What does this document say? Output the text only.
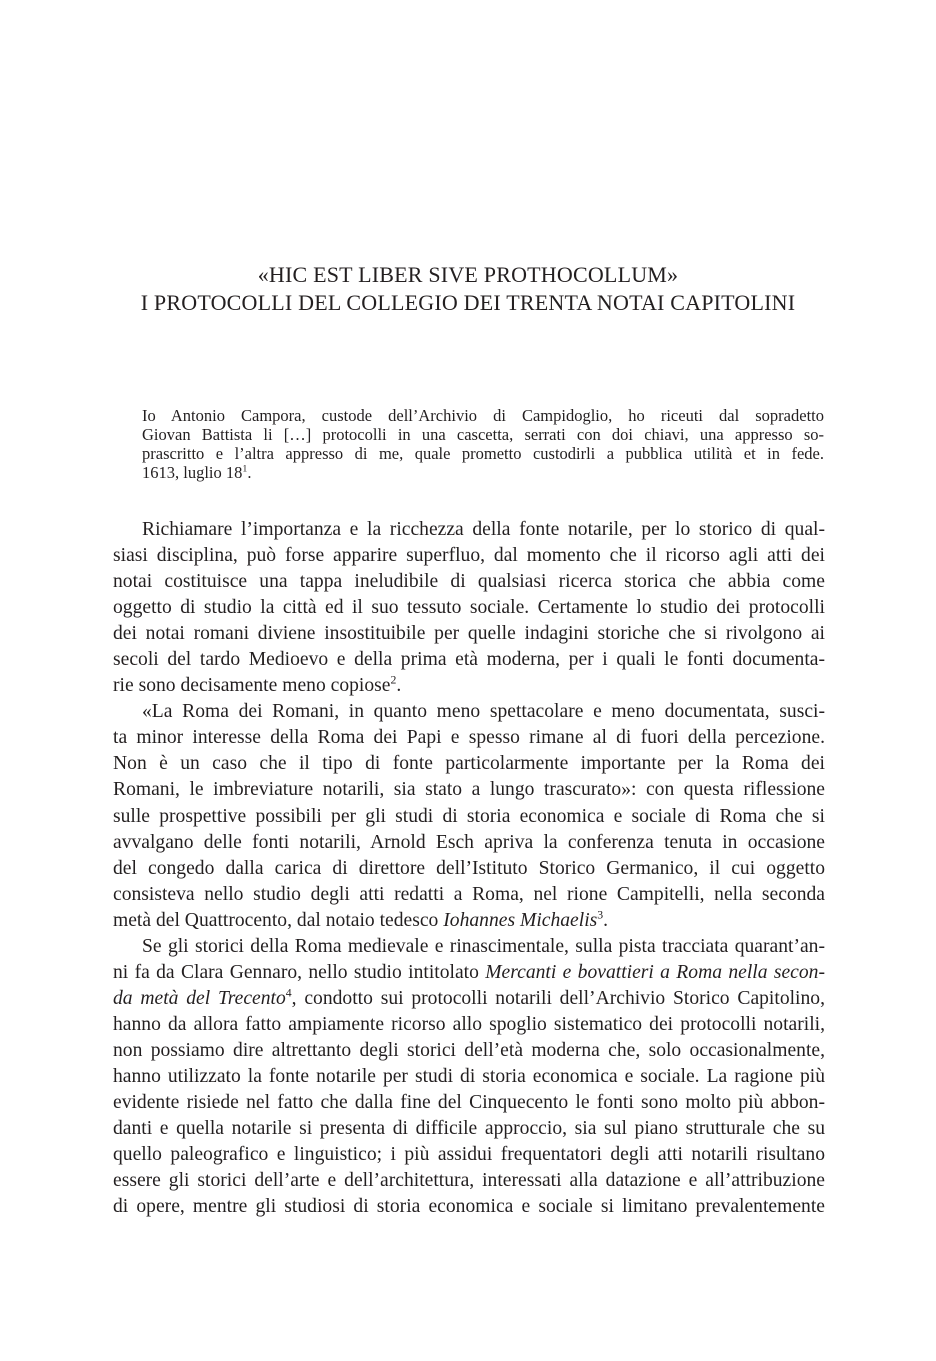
«HIC EST LIBER SIVE PROTHOCOLLUM»
I PROTOCOLLI DEL COLLEGIO DEI TRENTA NOTAI CAPITOLINI
Io Antonio Campora, custode dell’Archivio di Campidoglio, ho riceuti dal sopradetto
Giovan Battista li […] protocolli in una cascetta, serrati con doi chiavi, una appresso so-
prascritto e l’altra appresso di me, quale prometto custodirli a pubblica utilità et in fede.
1613, luglio $18^1$.
Richiamare l’importanza e la ricchezza della fonte notarile, per lo storico di qual-
siasi disciplina, può forse apparire superfluo, dal momento che il ricorso agli atti dei
notai costituisce una tappa ineludibile di qualsiasi ricerca storica che abbia come
oggetto di studio la città ed il suo tessuto sociale. Certamente lo studio dei protocolli
dei notai romani diviene insostituibile per quelle indagini storiche che si rivolgono ai
secoli del tardo Medioevo e della prima età moderna, per i quali le fonti documenta-
rie sono decisamente meno copiose$^2$.
«La Roma dei Romani, in quanto meno spettacolare e meno documentata, susci-
ta minor interesse della Roma dei Papi e spesso rimane al di fuori della percezione.
Non è un caso che il tipo di fonte particolarmente importante per la Roma dei
Romani, le imbreviature notarili, sia stato a lungo trascurato»: con questa riflessione
sulle prospettive possibili per gli studi di storia economica e sociale di Roma che si
avvalgano delle fonti notarili, Arnold Esch apriva la conferenza tenuta in occasione
del congedo dalla carica di direttore dell’Istituto Storico Germanico, il cui oggetto
consisteva nello studio degli atti redatti a Roma, nel rione Campitelli, nella seconda
metà del Quattrocento, dal notaio tedesco Iohannes Michaelis$^3$.
Se gli storici della Roma medievale e rinascimentale, sulla pista tracciata quarant’an-
ni fa da Clara Gennaro, nello studio intitolato Mercanti e bovattieri a Roma nella secon-
da metà del Trecento$^4$, condotto sui protocolli notarili dell’Archivio Storico Capitolino,
hanno da allora fatto ampiamente ricorso allo spoglio sistematico dei protocolli notarili,
non possiamo dire altrettanto degli storici dell’età moderna che, solo occasionalmente,
hanno utilizzato la fonte notarile per studi di storia economica e sociale. La ragione più
evidente risiede nel fatto che dalla fine del Cinquecento le fonti sono molto più abbon-
danti e quella notarile si presenta di difficile approccio, sia sul piano strutturale che su
quello paleografico e linguistico; i più assidui frequentatori degli atti notarili risultano
essere gli storici dell’arte e dell’architettura, interessati alla datazione e all’attribuzione
di opere, mentre gli studiosi di storia economica e sociale si limitano prevalentemente
